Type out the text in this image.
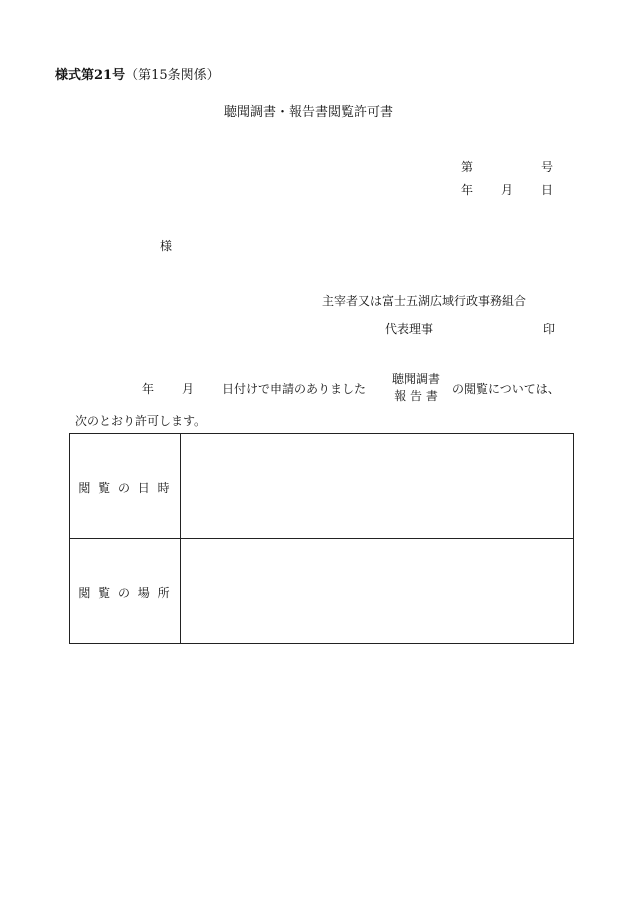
様式第21号（第15条関係）
聴聞調書・報告書閲覧許可書
第	号
年 月 日
様
主宰者又は富士五湖広域行政事務組合
代表理事	印
年 月 日付けで申請のありました
聴聞調書
報 告 書 の閲覧については、
次のとおり許可します。
閲 覧 の 日 時	
閲 覧 の 場 所	
